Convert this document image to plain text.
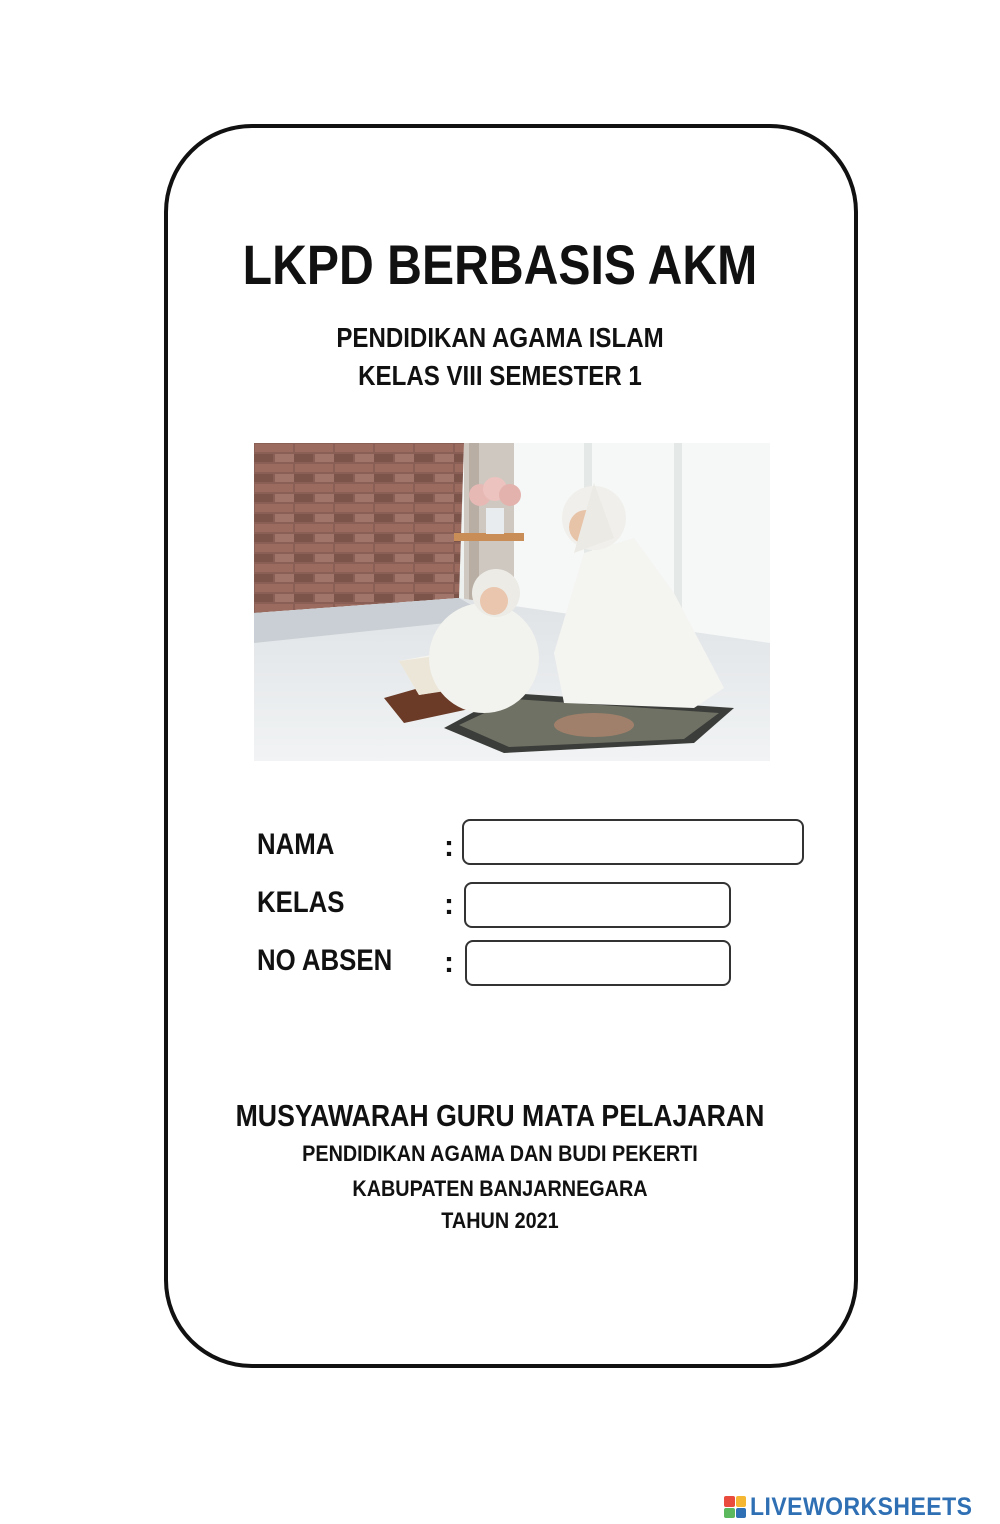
LKPD BERBASIS AKM
PENDIDIKAN AGAMA ISLAM
KELAS VIII SEMESTER 1
NAMA	:
KELAS	:
NO ABSEN :
MUSYAWARAH GURU MATA PELAJARAN
PENDIDIKAN AGAMA DAN BUDI PEKERTI
KABUPATEN BANJARNEGARA
TAHUN 2021
LIVEWORKSHEETS
